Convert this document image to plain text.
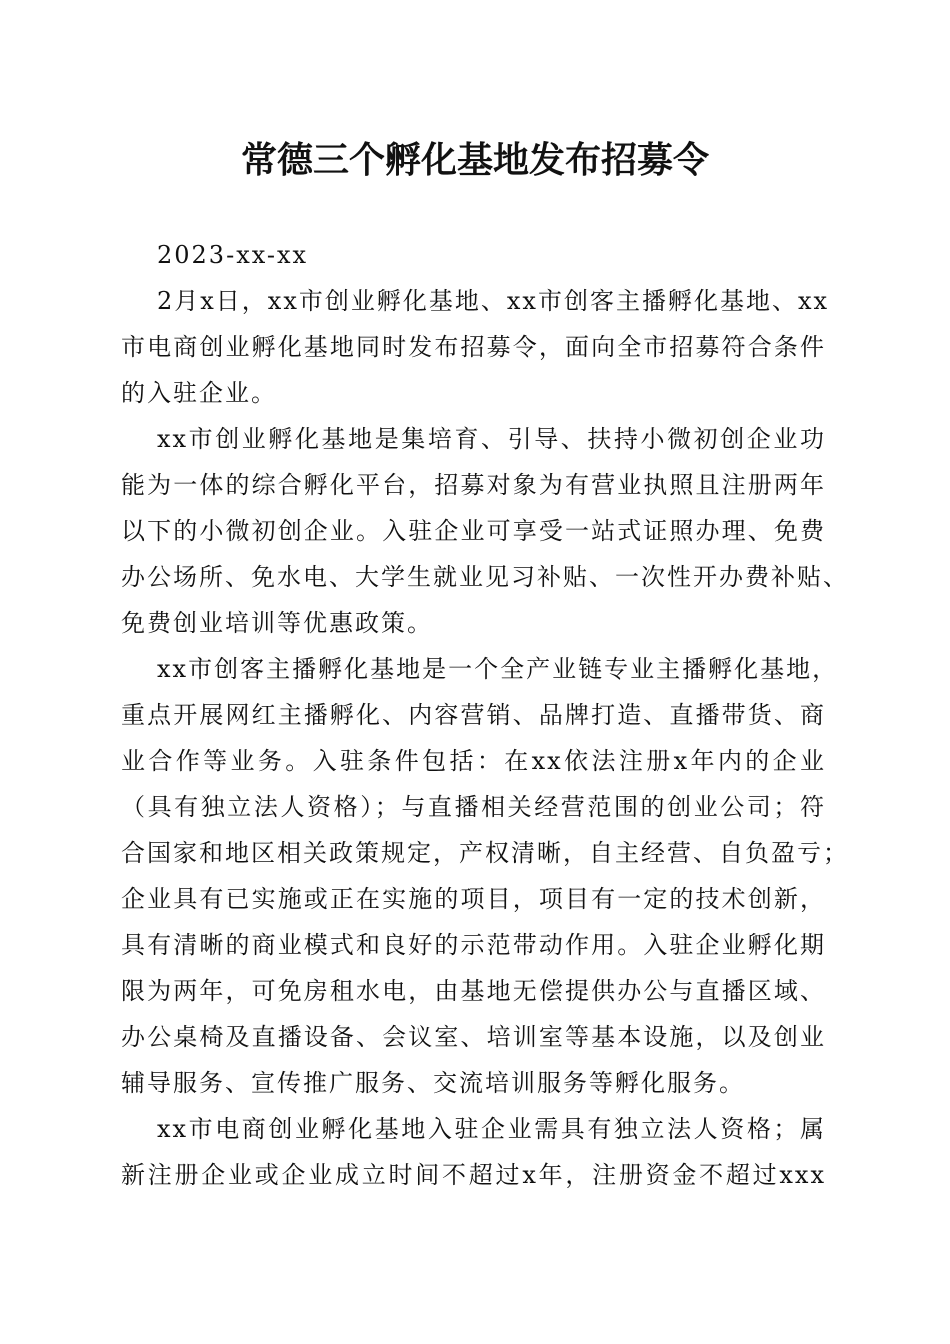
常德三个孵化基地发布招募令
2023-xx-xx
2月x日，xx市创业孵化基地、xx市创客主播孵化基地、xx
市电商创业孵化基地同时发布招募令，面向全市招募符合条件
的入驻企业。
xx市创业孵化基地是集培育、引导、扶持小微初创企业功
能为一体的综合孵化平台，招募对象为有营业执照且注册两年
以下的小微初创企业。入驻企业可享受一站式证照办理、免费
办公场所、免水电、大学生就业见习补贴、一次性开办费补贴、
免费创业培训等优惠政策。
xx市创客主播孵化基地是一个全产业链专业主播孵化基地，
重点开展网红主播孵化、内容营销、品牌打造、直播带货、商
业合作等业务。入驻条件包括：在xx依法注册x年内的企业
（具有独立法人资格）；与直播相关经营范围的创业公司；符
合国家和地区相关政策规定，产权清晰，自主经营、自负盈亏；
企业具有已实施或正在实施的项目，项目有一定的技术创新，
具有清晰的商业模式和良好的示范带动作用。入驻企业孵化期
限为两年，可免房租水电，由基地无偿提供办公与直播区域、
办公桌椅及直播设备、会议室、培训室等基本设施，以及创业
辅导服务、宣传推广服务、交流培训服务等孵化服务。
xx市电商创业孵化基地入驻企业需具有独立法人资格；属
新注册企业或企业成立时间不超过x年，注册资金不超过xxx
